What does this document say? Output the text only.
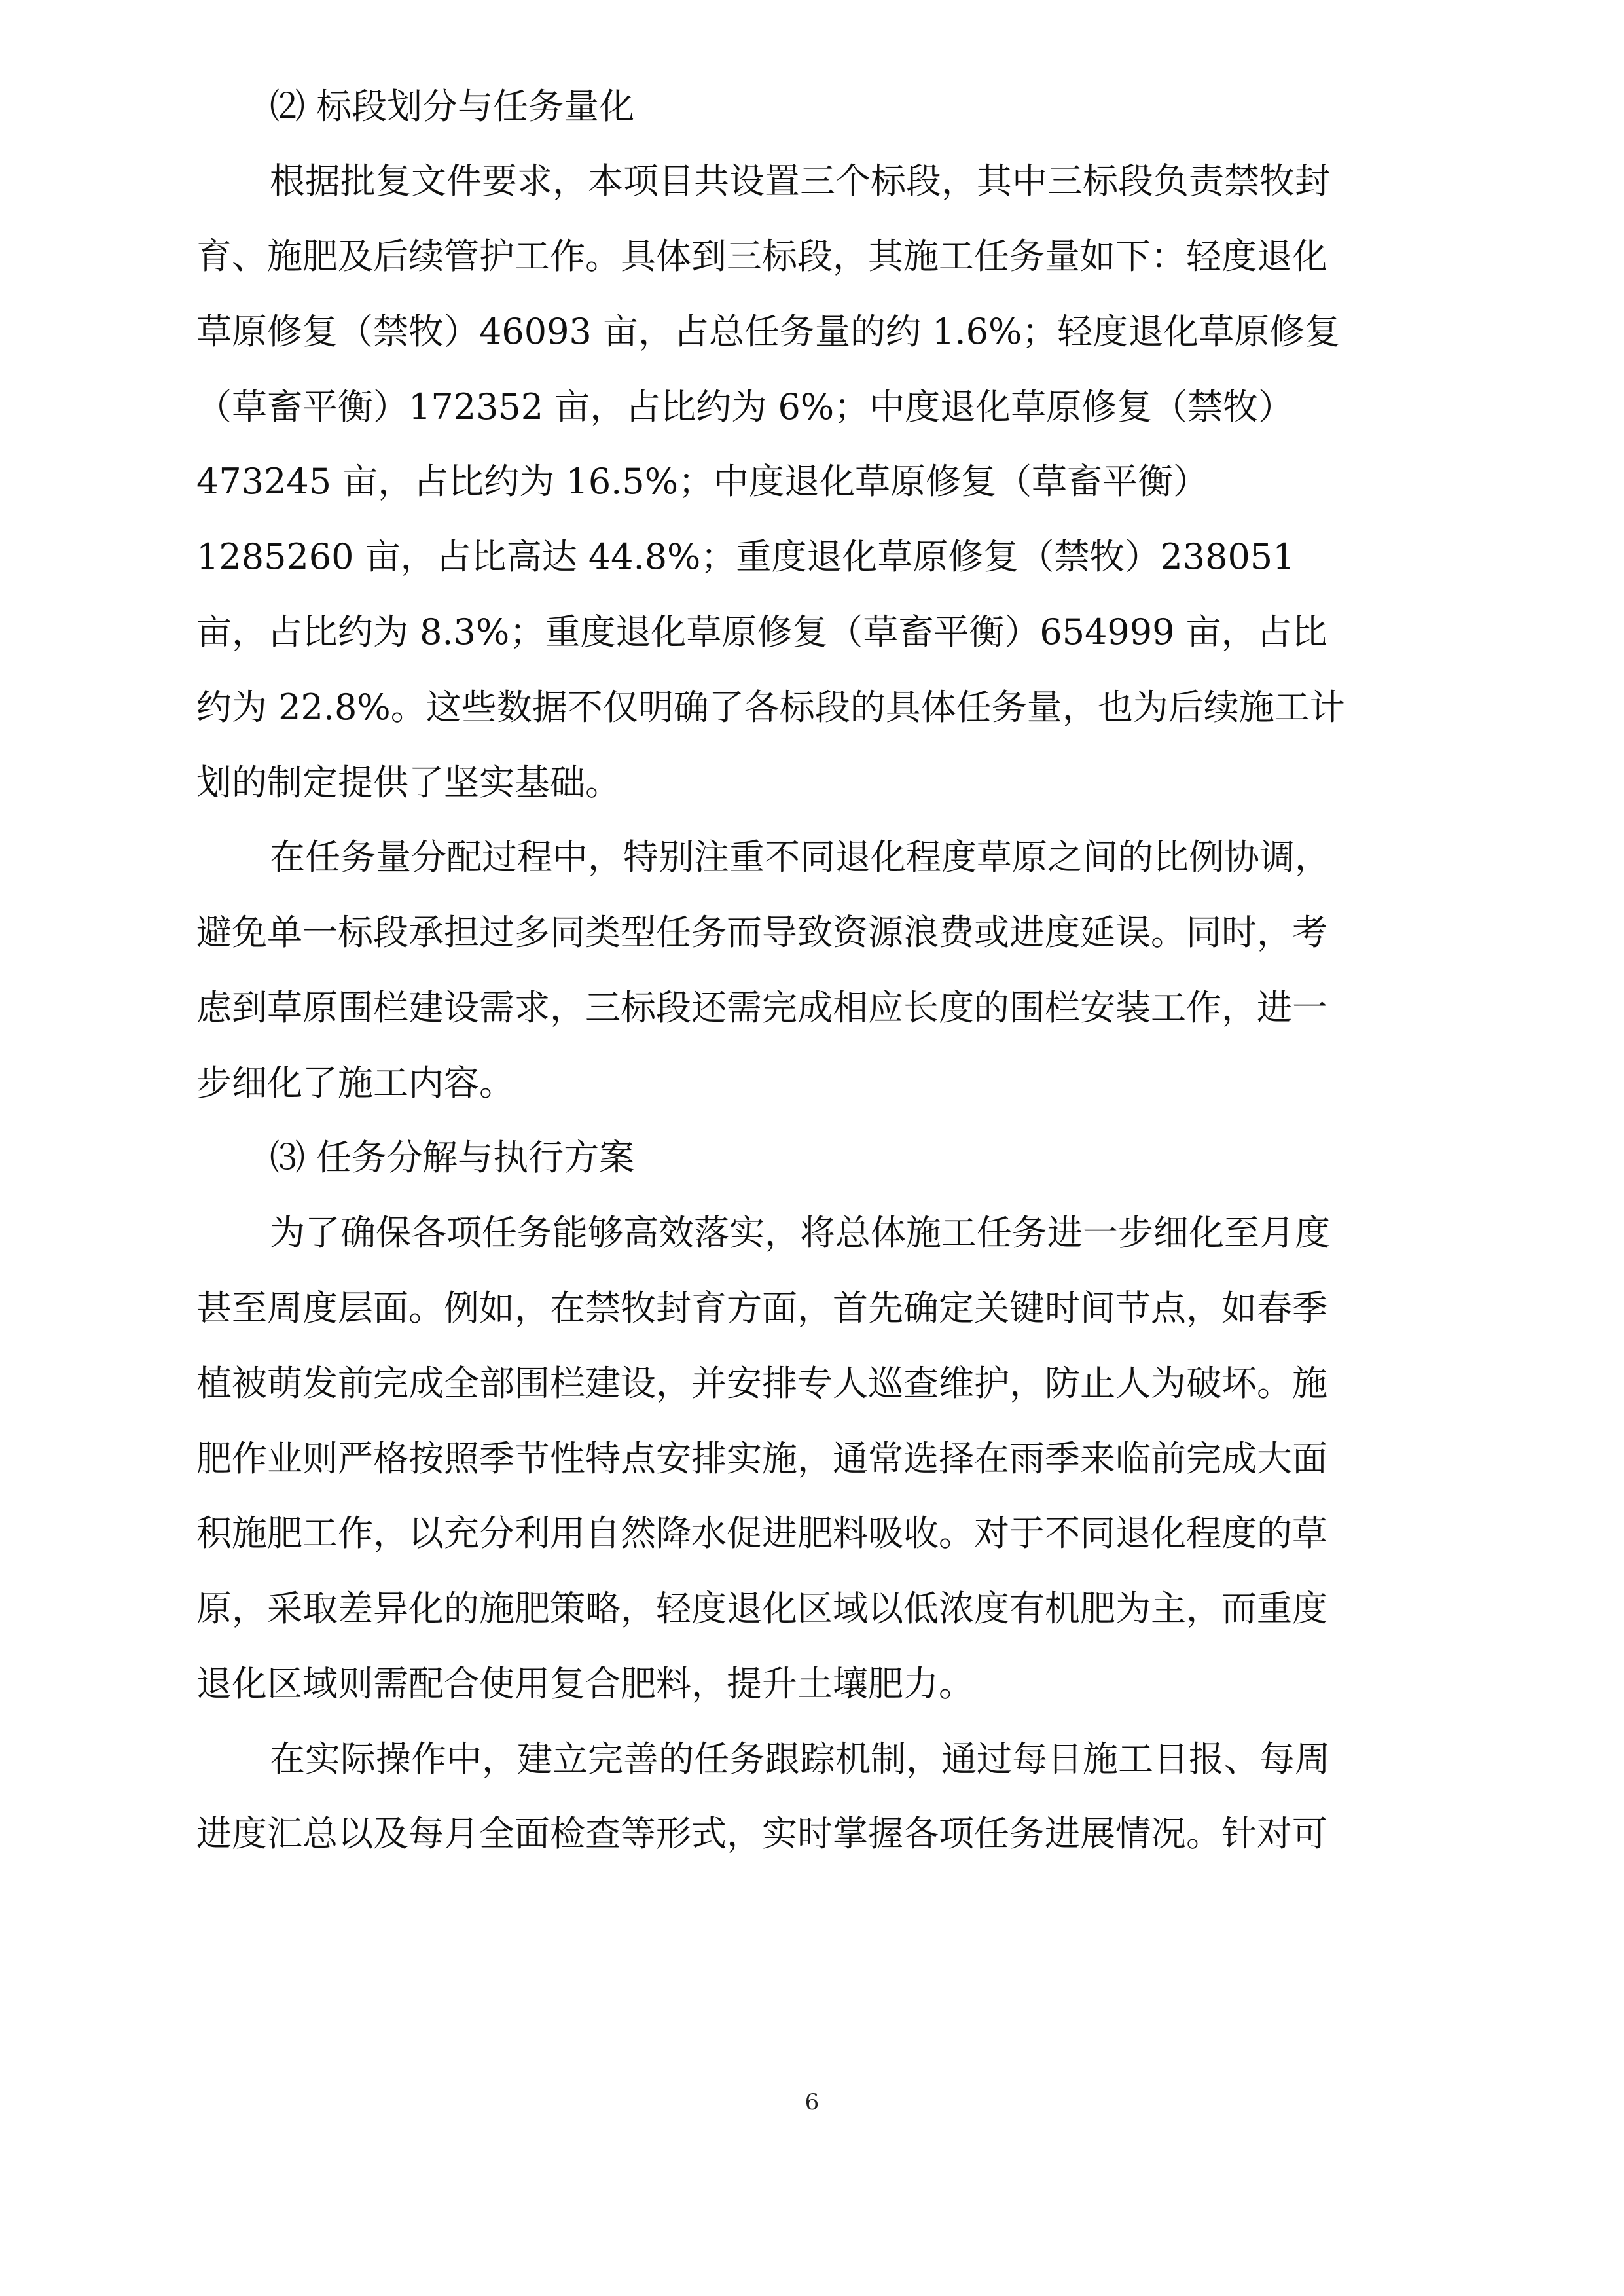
⑵ 标段划分与任务量化
根据批复文件要求，本项目共设置三个标段，其中三标段负责禁牧封
育、施肥及后续管护工作。具体到三标段，其施工任务量如下：轻度退化
草原修复（禁牧）46093 亩，占总任务量的约 1.6%；轻度退化草原修复
（草畜平衡）172352 亩，占比约为 6%；中度退化草原修复（禁牧）
473245 亩，占比约为 16.5%；中度退化草原修复（草畜平衡）
1285260 亩，占比高达 44.8%；重度退化草原修复（禁牧）238051
亩，占比约为 8.3%；重度退化草原修复（草畜平衡）654999 亩，占比
约为 22.8%。这些数据不仅明确了各标段的具体任务量，也为后续施工计
划的制定提供了坚实基础。
在任务量分配过程中，特别注重不同退化程度草原之间的比例协调，
避免单一标段承担过多同类型任务而导致资源浪费或进度延误。同时，考
虑到草原围栏建设需求，三标段还需完成相应长度的围栏安装工作，进一
步细化了施工内容。
⑶ 任务分解与执行方案
为了确保各项任务能够高效落实，将总体施工任务进一步细化至月度
甚至周度层面。例如，在禁牧封育方面，首先确定关键时间节点，如春季
植被萌发前完成全部围栏建设，并安排专人巡查维护，防止人为破坏。施
肥作业则严格按照季节性特点安排实施，通常选择在雨季来临前完成大面
积施肥工作，以充分利用自然降水促进肥料吸收。对于不同退化程度的草
原，采取差异化的施肥策略，轻度退化区域以低浓度有机肥为主，而重度
退化区域则需配合使用复合肥料，提升土壤肥力。
在实际操作中，建立完善的任务跟踪机制，通过每日施工日报、每周
进度汇总以及每月全面检查等形式，实时掌握各项任务进展情况。针对可
6
